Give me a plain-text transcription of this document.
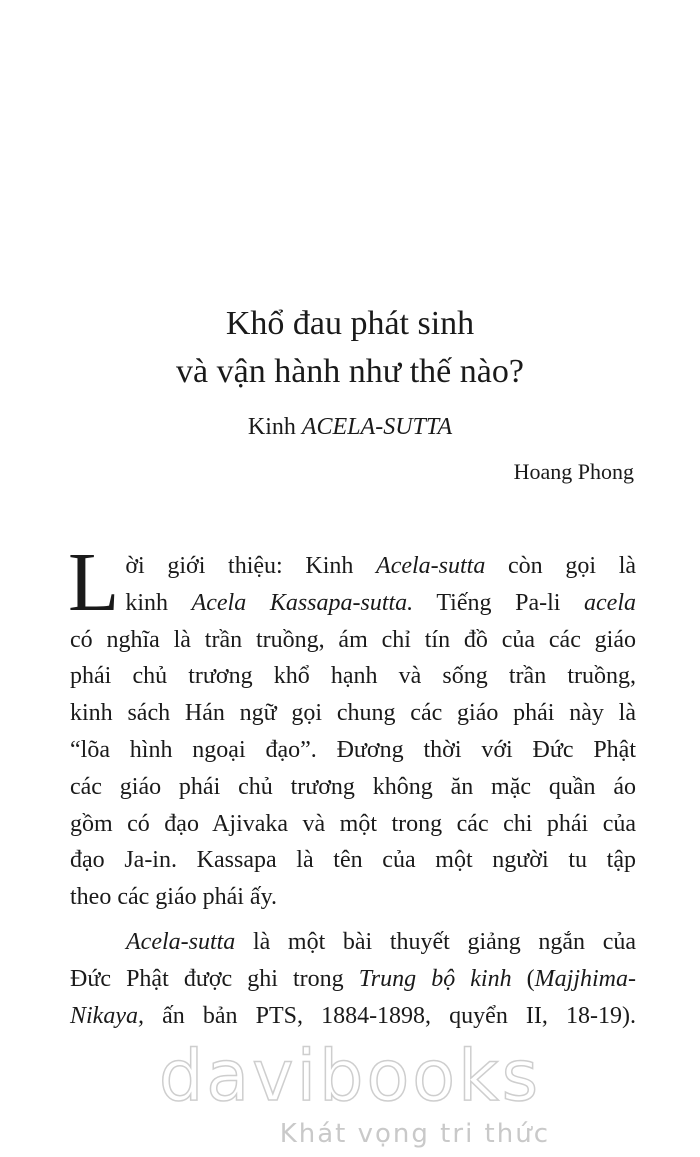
Khổ đau phát sinh
và vận hành như thế nào?
Kinh ACELA-SUTTA
Hoang Phong
L ời giới thiệu: Kinh Acela-sutta còn gọi là
kinh Acela Kassapa-sutta. Tiếng Pa-li acela
có nghĩa là trần truồng, ám chỉ tín đồ của các giáo
phái chủ trương khổ hạnh và sống trần truồng,
kinh sách Hán ngữ gọi chung các giáo phái này là
“lõa hình ngoại đạo”. Đương thời với Đức Phật
các giáo phái chủ trương không ăn mặc quần áo
gồm có đạo Ajivaka và một trong các chi phái của
đạo Ja-in. Kassapa là tên của một người tu tập
theo các giáo phái ấy.
Acela-sutta là một bài thuyết giảng ngắn của
Đức Phật được ghi trong Trung bộ kinh (Majjhima-
Nikaya, ấn bản PTS, 1884-1898, quyển II, 18-19).
davibooks
Khát vọng tri thức
